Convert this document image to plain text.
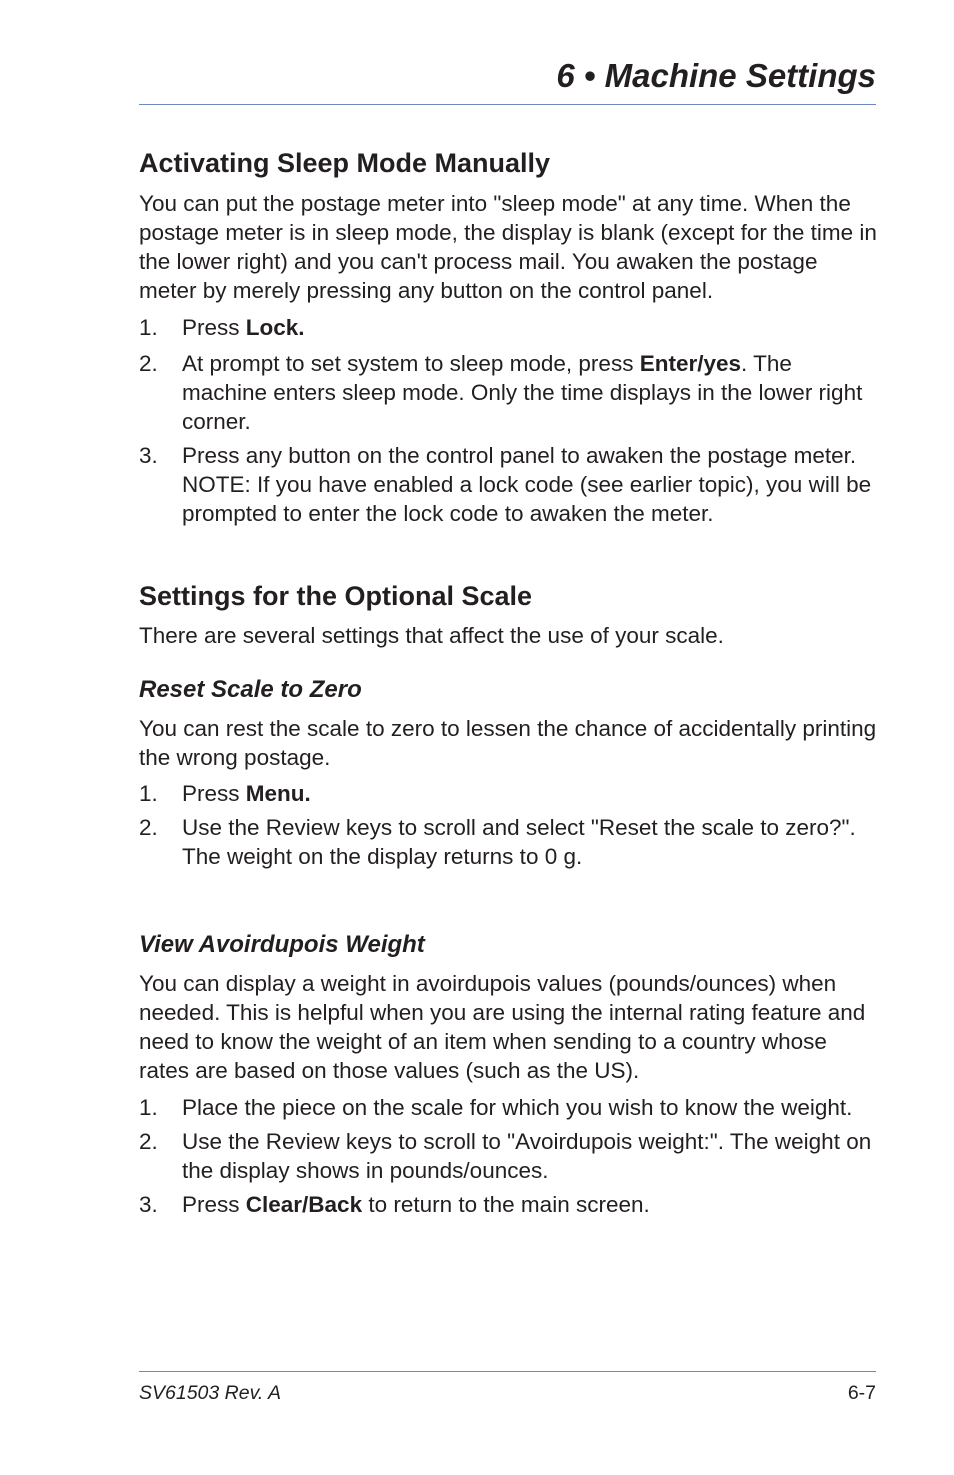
6 • Machine Settings
Activating Sleep Mode Manually

You can put the postage meter into "sleep mode" at any time. When the postage meter is in sleep mode, the display is blank (except for the time in the lower right) and you can't process mail. You awaken the postage meter by merely pressing any button on the control panel.

1. Press Lock.
2. At prompt to set system to sleep mode, press Enter/yes. The machine enters sleep mode. Only the time displays in the lower right corner.
3. Press any button on the control panel to awaken the postage meter. NOTE: If you have enabled a lock code (see earlier topic), you will be prompted to enter the lock code to awaken the meter.
Settings for the Optional Scale

There are several settings that affect the use of your scale.

Reset Scale to Zero

You can rest the scale to zero to lessen the chance of accidentally printing the wrong postage.

1. Press Menu.
2. Use the Review keys to scroll and select "Reset the scale to zero?". The weight on the display returns to 0 g.
View Avoirdupois Weight

You can display a weight in avoirdupois values (pounds/ounces) when needed. This is helpful when you are using the internal rating feature and need to know the weight of an item when sending to a country whose rates are based on those values (such as the US).

1. Place the piece on the scale for which you wish to know the weight.
2. Use the Review keys to scroll to "Avoirdupois weight:". The weight on the display shows in pounds/ounces.
3. Press Clear/Back to return to the main screen.
SV61503 Rev. A	6-7
